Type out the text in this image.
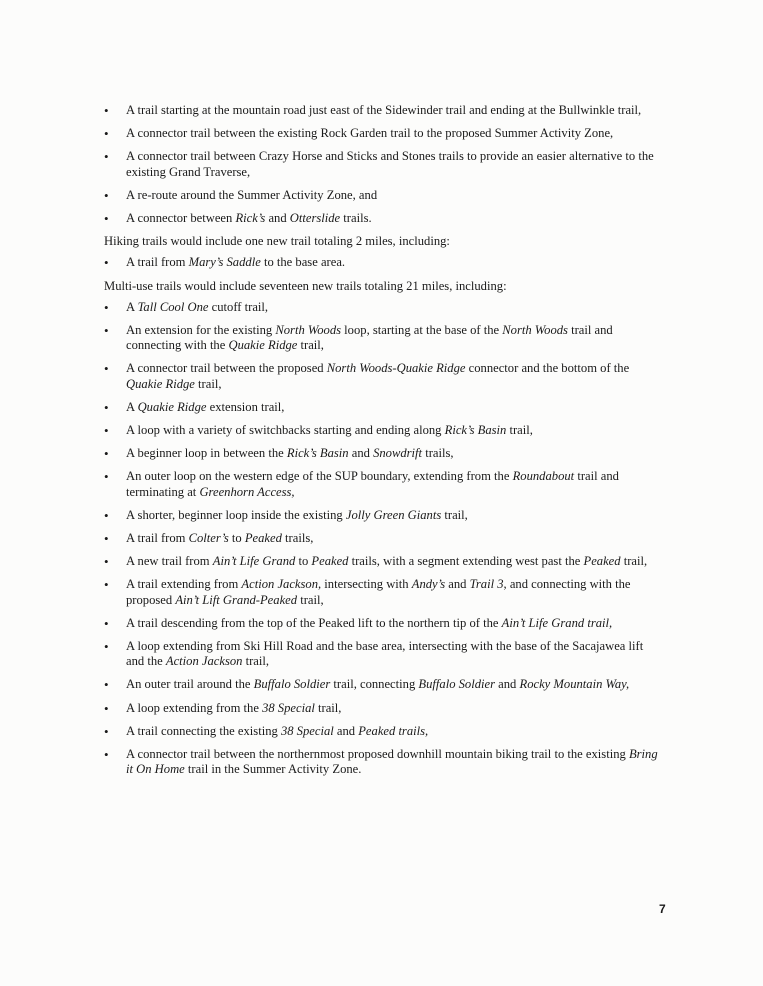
•	A trail starting at the mountain road just east of the Sidewinder trail and ending at the Bullwinkle trail,
•	A connector trail between the existing Rock Garden trail to the proposed Summer Activity Zone,
•	A connector trail between Crazy Horse and Sticks and Stones trails to provide an easier alternative to the existing Grand Traverse,
•	A re-route around the Summer Activity Zone, and
•	A connector between Rick’s and Otterslide trails.
Hiking trails would include one new trail totaling 2 miles, including:
•	A trail from Mary’s Saddle to the base area.
Multi-use trails would include seventeen new trails totaling 21 miles, including:
•	A Tall Cool One cutoff trail,
•	An extension for the existing North Woods loop, starting at the base of the North Woods trail and connecting with the Quakie Ridge trail,
•	A connector trail between the proposed North Woods-Quakie Ridge connector and the bottom of the Quakie Ridge trail,
•	A Quakie Ridge extension trail,
•	A loop with a variety of switchbacks starting and ending along Rick’s Basin trail,
•	A beginner loop in between the Rick’s Basin and Snowdrift trails,
•	An outer loop on the western edge of the SUP boundary, extending from the Roundabout trail and terminating at Greenhorn Access,
•	A shorter, beginner loop inside the existing Jolly Green Giants trail,
•	A trail from Colter’s to Peaked trails,
•	A new trail from Ain’t Life Grand to Peaked trails, with a segment extending west past the Peaked trail,
•	A trail extending from Action Jackson, intersecting with Andy’s and Trail 3, and connecting with the proposed Ain’t Lift Grand-Peaked trail,
•	A trail descending from the top of the Peaked lift to the northern tip of the Ain’t Life Grand trail,
•	A loop extending from Ski Hill Road and the base area, intersecting with the base of the Sacajawea lift and the Action Jackson trail,
•	An outer trail around the Buffalo Soldier trail, connecting Buffalo Soldier and Rocky Mountain Way,
•	A loop extending from the 38 Special trail,
•	A trail connecting the existing 38 Special and Peaked trails,
•	A connector trail between the northernmost proposed downhill mountain biking trail to the existing Bring it On Home trail in the Summer Activity Zone.
7
